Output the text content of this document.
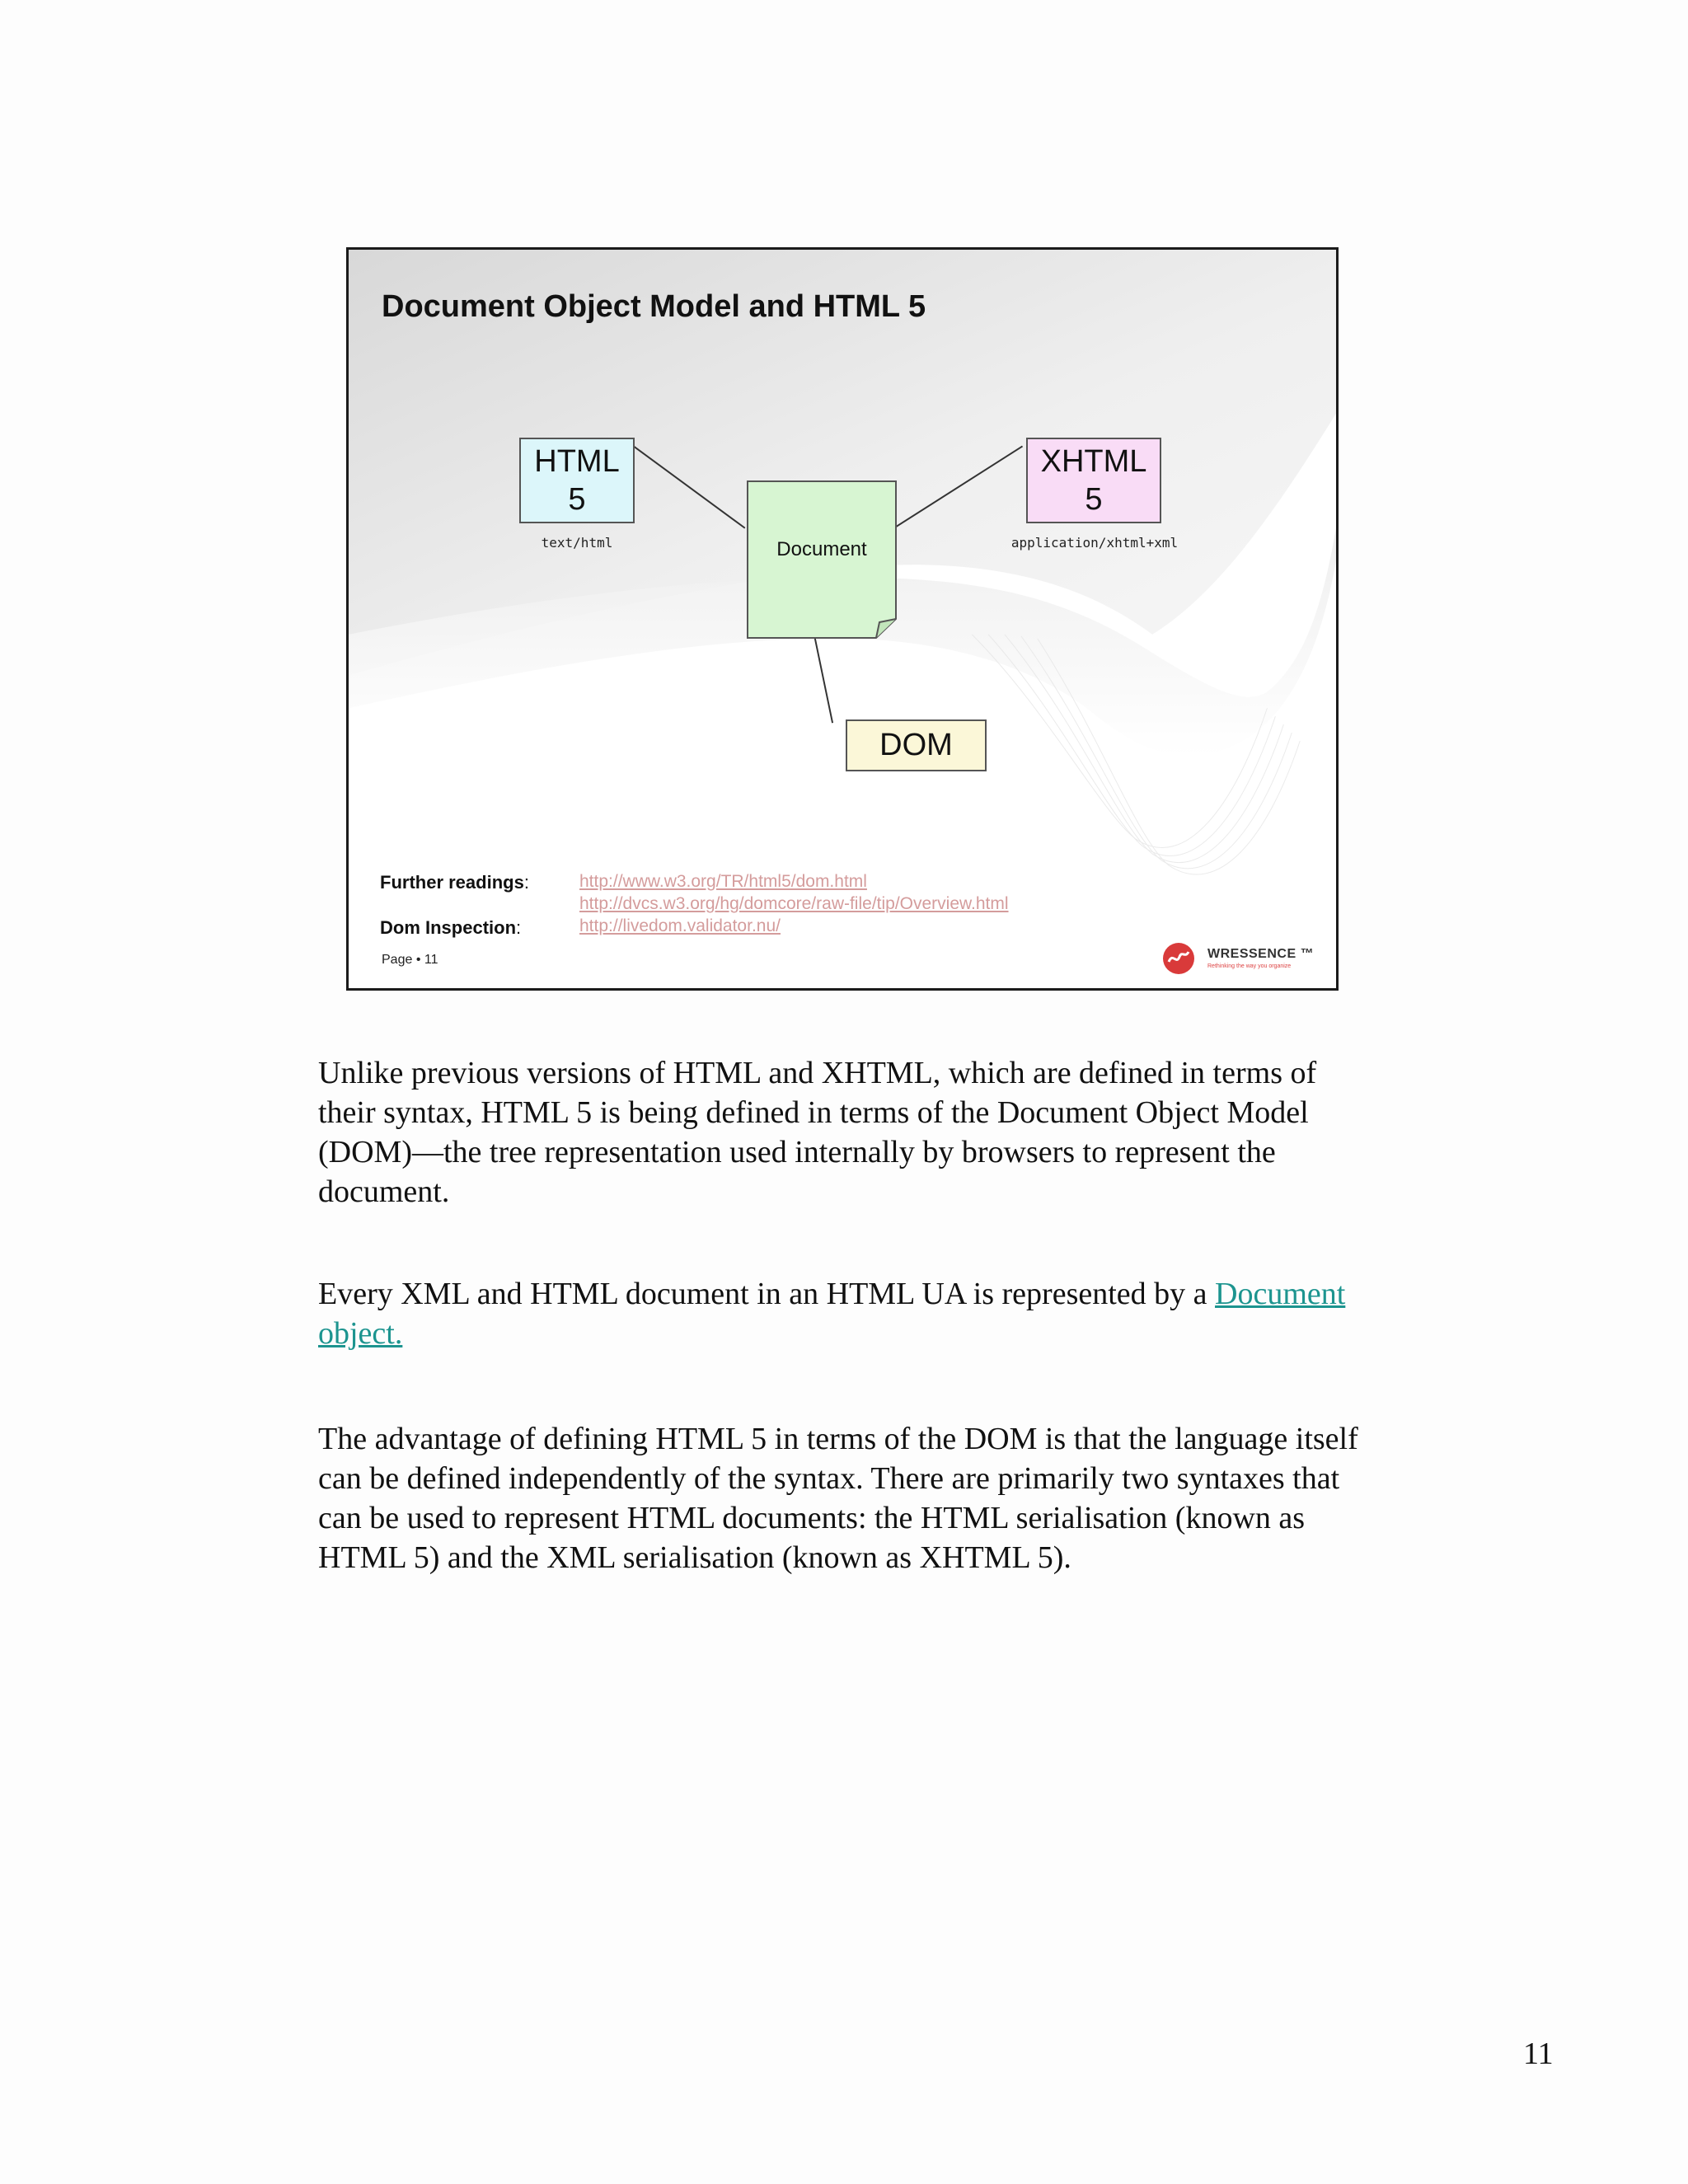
Document Object Model and HTML 5
HTML
5
text/html
XHTML
5
application/xhtml+xml
Document
DOM
Further readings:
Dom Inspection:
http://www.w3.org/TR/html5/dom.html
http://dvcs.w3.org/hg/domcore/raw-file/tip/Overview.html
http://livedom.validator.nu/
Page • 11	WRESSENCE ™
Rethinking the way you organize

Unlike previous versions of HTML and XHTML, which are defined in terms of their syntax, HTML 5 is being defined in terms of the Document Object Model (DOM)—the tree representation used internally by browsers to represent the document.

Every XML and HTML document in an HTML UA is represented by a Document object.

The advantage of defining HTML 5 in terms of the DOM is that the language itself can be defined independently of the syntax. There are primarily two syntaxes that can be used to represent HTML documents: the HTML serialisation (known as HTML 5) and the XML serialisation (known as XHTML 5).

11
